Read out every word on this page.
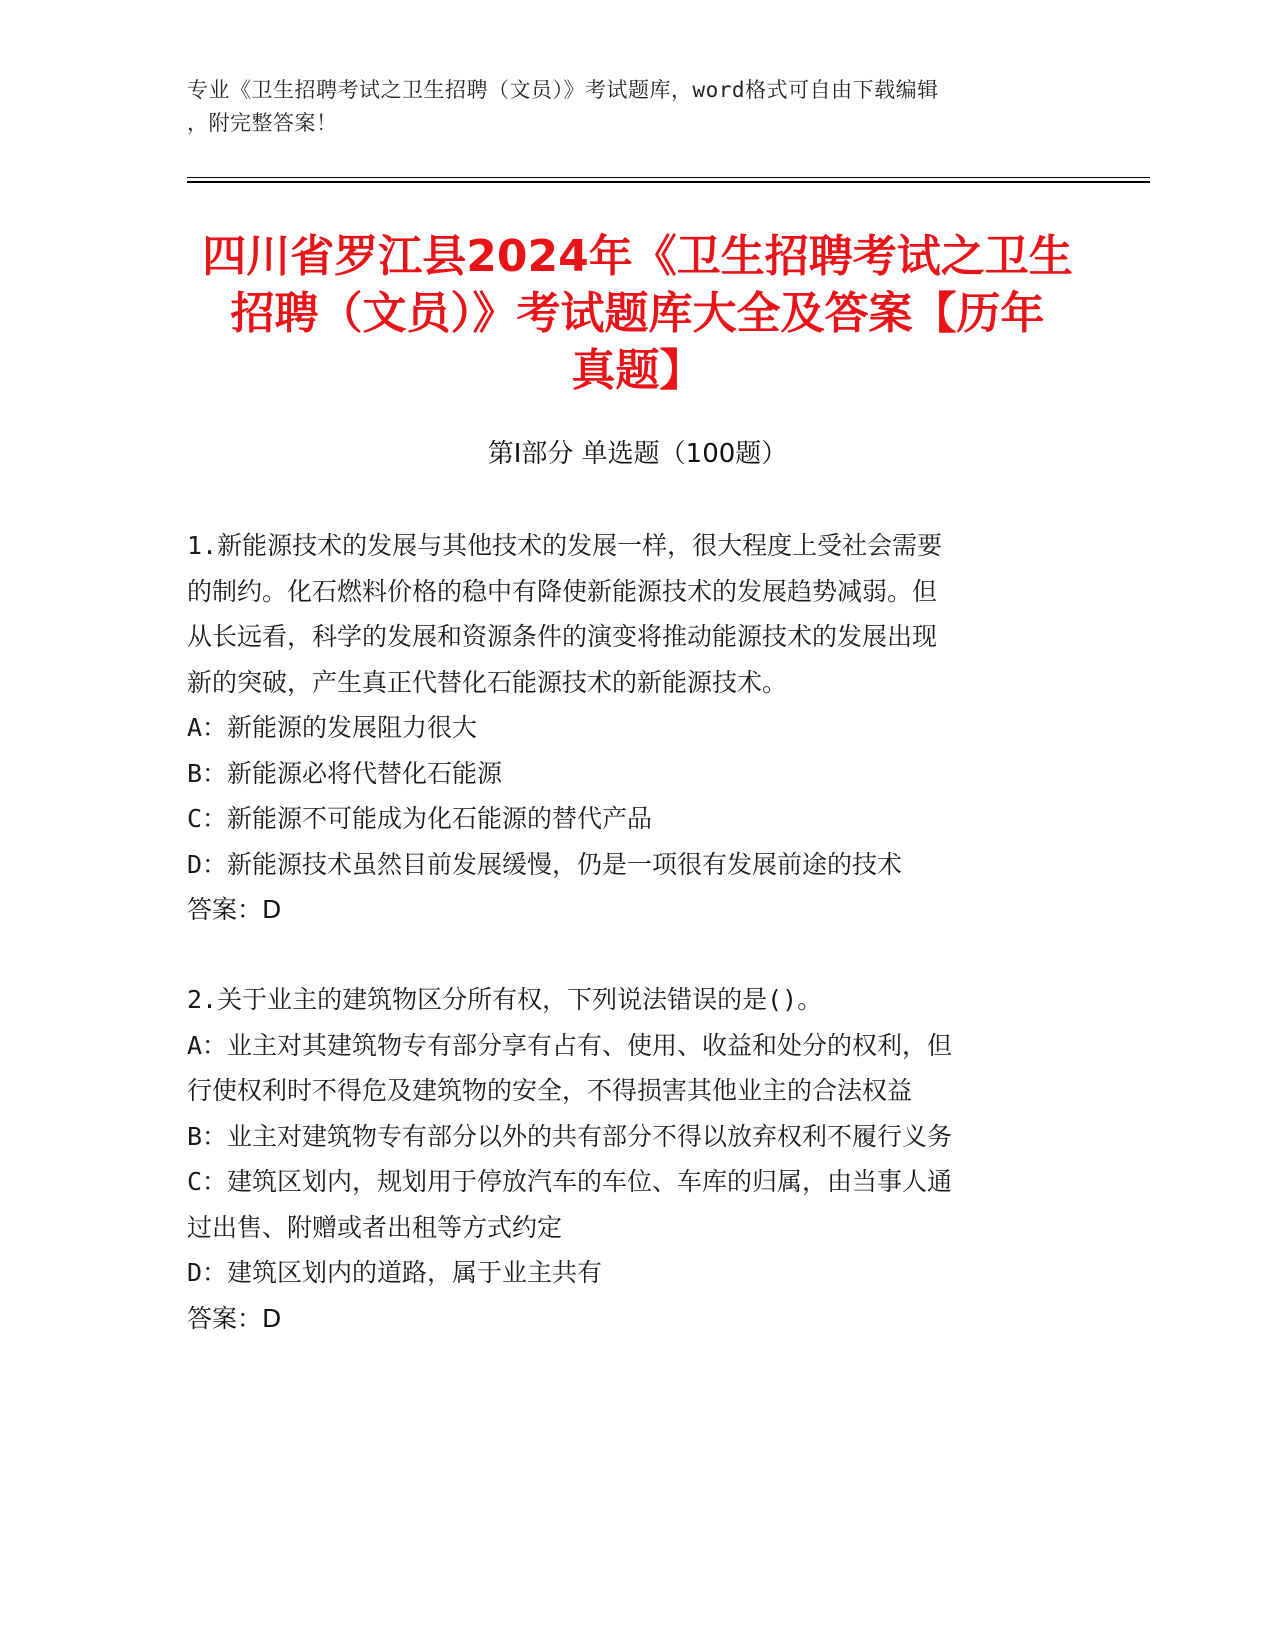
专业《卫生招聘考试之卫生招聘（文员）》考试题库，word格式可自由下载编辑
，附完整答案！
四川省罗江县2024年《卫生招聘考试之卫生
招聘（文员）》考试题库大全及答案【历年
真题】
第Ⅰ部分 单选题（100题）
1.新能源技术的发展与其他技术的发展一样，很大程度上受社会需要
的制约。化石燃料价格的稳中有降使新能源技术的发展趋势减弱。但
从长远看，科学的发展和资源条件的演变将推动能源技术的发展出现
新的突破，产生真正代替化石能源技术的新能源技术。
A：新能源的发展阻力很大
B：新能源必将代替化石能源
C：新能源不可能成为化石能源的替代产品
D：新能源技术虽然目前发展缓慢，仍是一项很有发展前途的技术
答案：D
2.关于业主的建筑物区分所有权，下列说法错误的是()。
A：业主对其建筑物专有部分享有占有、使用、收益和处分的权利，但
行使权利时不得危及建筑物的安全，不得损害其他业主的合法权益
B：业主对建筑物专有部分以外的共有部分不得以放弃权利不履行义务
C：建筑区划内，规划用于停放汽车的车位、车库的归属，由当事人通
过出售、附赠或者出租等方式约定
D：建筑区划内的道路，属于业主共有
答案：D
